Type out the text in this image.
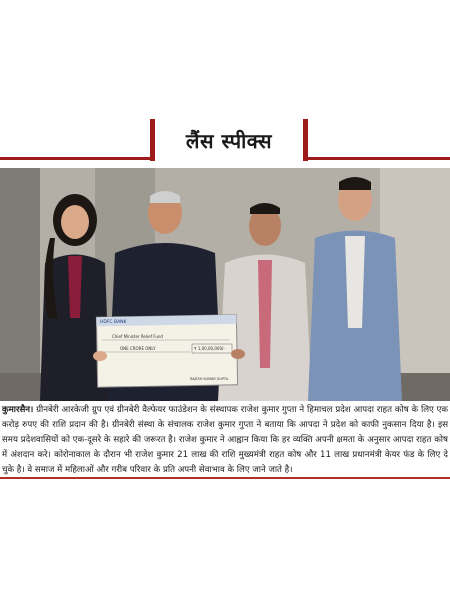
लैंस स्पीक्स
HDFC BANK
Chief Minister Relief Fund
ONE CRORE ONLY	₹ 1,00,00,000/-
RAJESH KUMAR GUPTA
कुमारसैन। ग्रीनबेरी आरकेजी ग्रुप एवं ग्रीनबेरी वैल्फेयर फाउंडेशन के संस्थापक राजेश कुमार गुप्ता ने हिमाचल प्रदेश आपदा राहत कोष के लिए एक करोड़ रुपए की राशि प्रदान की है। ग्रीनबेरी संस्था के संचालक राजेश कुमार गुप्ता ने बताया कि आपदा ने प्रदेश को काफी नुकसान दिया है। इस समय प्रदेशवासियों को एक-दूसरे के सहारे की जरूरत है। राजेश कुमार ने आह्वान किया कि हर व्यक्ति अपनी क्षमता के अनुसार आपदा राहत कोष में अंशदान करे। कोरोनाकाल के दौरान भी राजेश कुमार 21 लाख की राशि मुख्यमंत्री राहत कोष और 11 लाख प्रधानमंत्री केयर फंड के लिए दे चुके है। वे समाज में महिलाओं और गरीब परिवार के प्रति अपनी सेवाभाव के लिए जाने जाते है।
